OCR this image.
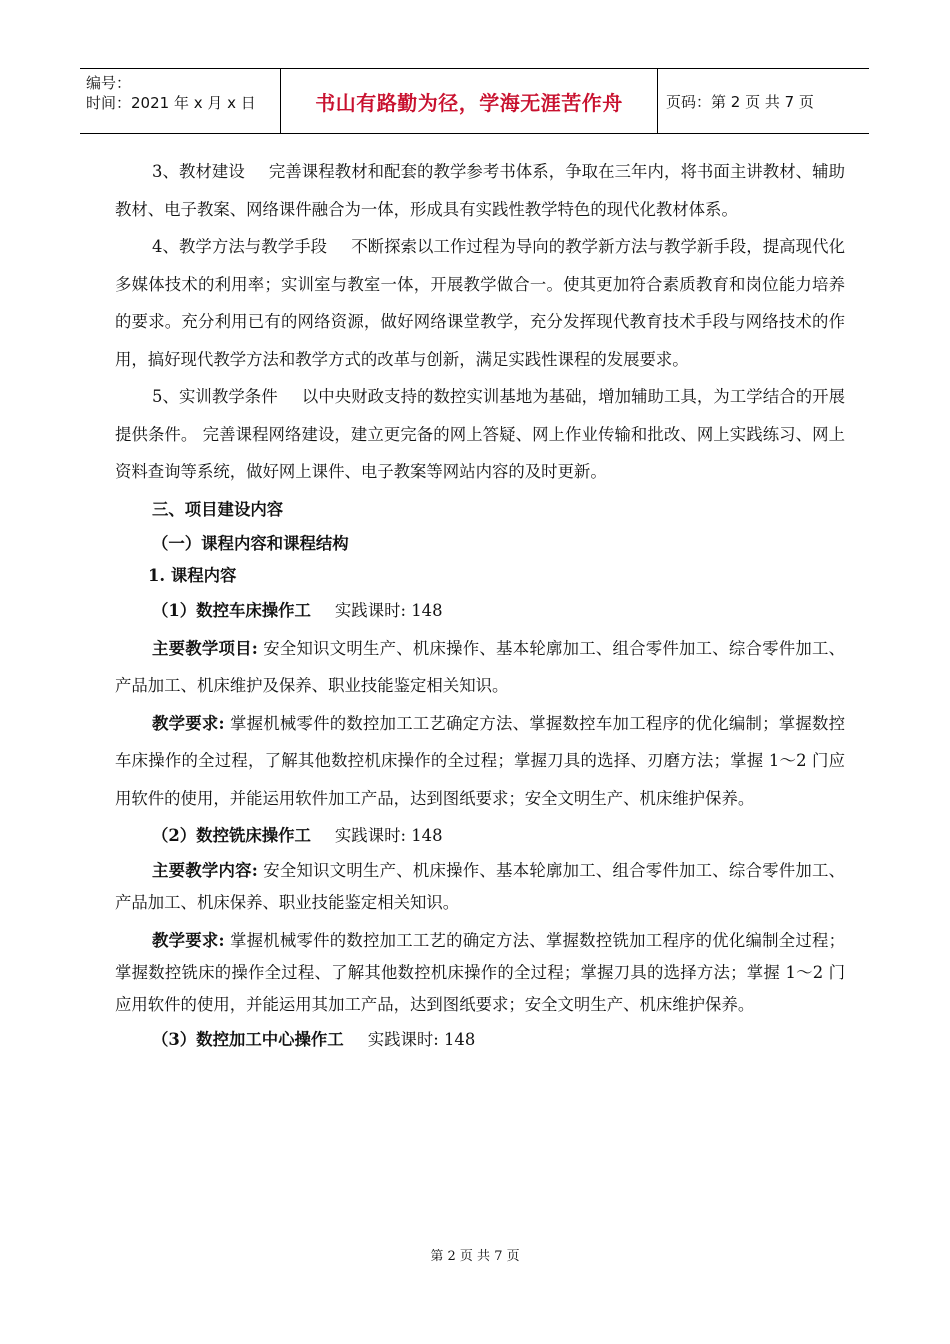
编号：
时间：2021 年 x 月 x 日	书山有路勤为径，学海无涯苦作舟	页码：第 2 页 共 7 页

3、教材建设 完善课程教材和配套的教学参考书体系，争取在三年内，将书面主讲教材、辅助教材、电子教案、网络课件融合为一体，形成具有实践性教学特色的现代化教材体系。

4、教学方法与教学手段 不断探索以工作过程为导向的教学新方法与教学新手段，提高现代化多媒体技术的利用率；实训室与教室一体，开展教学做合一。使其更加符合素质教育和岗位能力培养的要求。充分利用已有的网络资源，做好网络课堂教学，充分发挥现代教育技术手段与网络技术的作用，搞好现代教学方法和教学方式的改革与创新，满足实践性课程的发展要求。

5、实训教学条件 以中央财政支持的数控实训基地为基础，增加辅助工具，为工学结合的开展提供条件。 完善课程网络建设，建立更完备的网上答疑、网上作业传输和批改、网上实践练习、网上资料查询等系统，做好网上课件、电子教案等网站内容的及时更新。

三、项目建设内容

（一）课程内容和课程结构

1. 课程内容

（1）数控车床操作工 实践课时: 148

主要教学项目: 安全知识文明生产、机床操作、基本轮廓加工、组合零件加工、综合零件加工、产品加工、机床维护及保养、职业技能鉴定相关知识。

教学要求: 掌握机械零件的数控加工工艺确定方法、掌握数控车加工程序的优化编制；掌握数控车床操作的全过程，了解其他数控机床操作的全过程；掌握刀具的选择、刃磨方法；掌握 1～2 门应用软件的使用，并能运用软件加工产品，达到图纸要求；安全文明生产、机床维护保养。

（2）数控铣床操作工 实践课时: 148

主要教学内容: 安全知识文明生产、机床操作、基本轮廓加工、组合零件加工、综合零件加工、产品加工、机床保养、职业技能鉴定相关知识。

教学要求: 掌握机械零件的数控加工工艺的确定方法、掌握数控铣加工程序的优化编制全过程；掌握数控铣床的操作全过程、了解其他数控机床操作的全过程；掌握刀具的选择方法；掌握 1～2 门应用软件的使用，并能运用其加工产品，达到图纸要求；安全文明生产、机床维护保养。

（3）数控加工中心操作工 实践课时: 148

第 2 页 共 7 页
